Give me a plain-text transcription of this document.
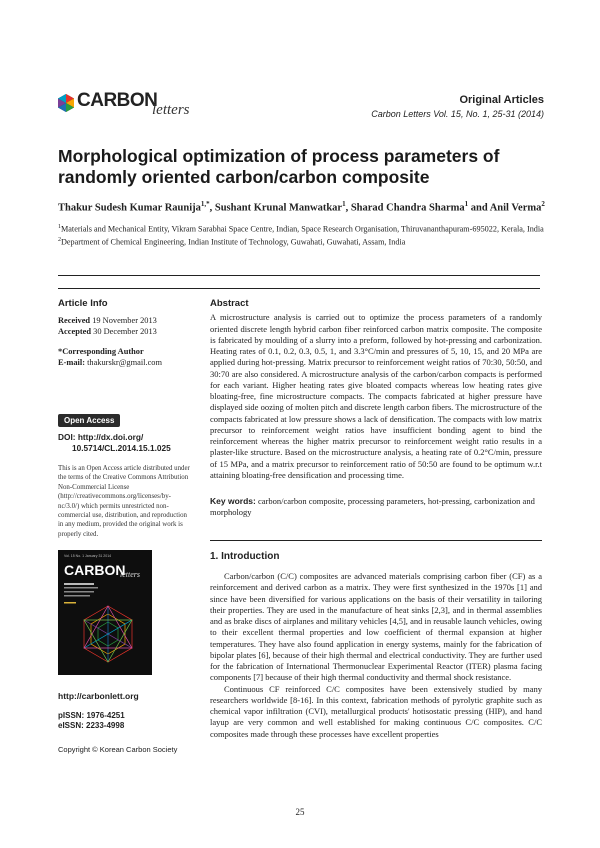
CARBON
letters
Original Articles
Carbon Letters Vol. 15, No. 1, 25-31 (2014)
Morphological optimization of process parameters of randomly oriented carbon/carbon composite
Thakur Sudesh Kumar Raunija$^{1,*}$, Sushant Krunal Manwatkar$^1$, Sharad Chandra Sharma$^1$ and Anil Verma$^2$
$^1$Materials and Mechanical Entity, Vikram Sarabhai Space Centre, Indian, Space Research Organisation, Thiruvananthapuram-695022, Kerala, India
$^2$Department of Chemical Engineering, Indian Institute of Technology, Guwahati, Guwahati, Assam, India
Article Info
Received 19 November 2013
Accepted 30 December 2013
*Corresponding Author
E-mail: thakurskr@gmail.com
Open Access
DOI: http://dx.doi.org/
10.5714/CL.2014.15.1.025
This is an Open Access article distributed under the terms of the Creative Commons Attribution Non-Commercial License (http://creativecommons.org/licenses/by-nc/3.0/) which permits unrestricted non-commercial use, distribution, and reproduction in any medium, provided the original work is properly cited.
Vol. 15 No. 1 January 31 2014
CARBON
letters
http://carbonlett.org
pISSN: 1976-4251
eISSN: 2233-4998
Copyright © Korean Carbon Society
Abstract
A microstructure analysis is carried out to optimize the process parameters of a randomly oriented discrete length hybrid carbon fiber reinforced carbon matrix composite. The composite is fabricated by moulding of a slurry into a preform, followed by hot-pressing and carbonization. Heating rates of 0.1, 0.2, 0.3, 0.5, 1, and 3.3°C/min and pressures of 5, 10, 15, and 20 MPa are applied during hot-pressing. Matrix precursor to reinforcement weight ratios of 70:30, 50:50, and 30:70 are also considered. A microstructure analysis of the carbon/carbon compacts is performed for each variant. Higher heating rates give bloated compacts whereas low heating rates give bloating-free, fine microstructure compacts. The compacts fabricated at higher pressure have displayed side oozing of molten pitch and discrete length carbon fibers. The microstructure of the compacts fabricated at low pressure shows a lack of densification. The compacts with low matrix precursor to reinforcement weight ratios have insufficient bonding agent to bind the reinforcement whereas the higher matrix precursor to reinforcement weight ratio results in a plaster-like structure. Based on the microstructure analysis, a heating rate of 0.2°C/min, pressure of 15 MPa, and a matrix precursor to reinforcement ratio of 50:50 are found to be optimum w.r.t attaining bloating-free densification and processing time.
Key words: carbon/carbon composite, processing parameters, hot-pressing, carbonization and morphology
1. Introduction

Carbon/carbon (C/C) composites are advanced materials comprising carbon fiber (CF) as a reinforcement and derived carbon as a matrix. They were first synthesized in the 1970s [1] and since have been diversified for various applications on the basis of their versatility in tailoring their properties. They are used in the manufacture of heat sinks [2,3], and in thermal assemblies and as brake discs of airplanes and military vehicles [4,5], and in reusable launch vehicles, owing to their excellent thermal properties and low coefficient of thermal expansion at higher temperatures. They have also found application in energy systems, mainly for the fabrication of bipolar plates [6], because of their high thermal and electrical conductivity. They are further used for the fabrication of International Thermonuclear Experimental Reactor (ITER) plasma facing components [7] because of their high thermal conductivity and thermal shock resistance.

Continuous CF reinforced C/C composites have been extensively studied by many researchers worldwide [8-16]. In this context, fabrication methods of pyrolytic graphite such as chemical vapor infiltration (CVI), metallurgical products' hotisostatic pressing (HIP), and hand layup are very common and well established for making continuous C/C composites. C/C composites made through these processes have excellent properties

25
